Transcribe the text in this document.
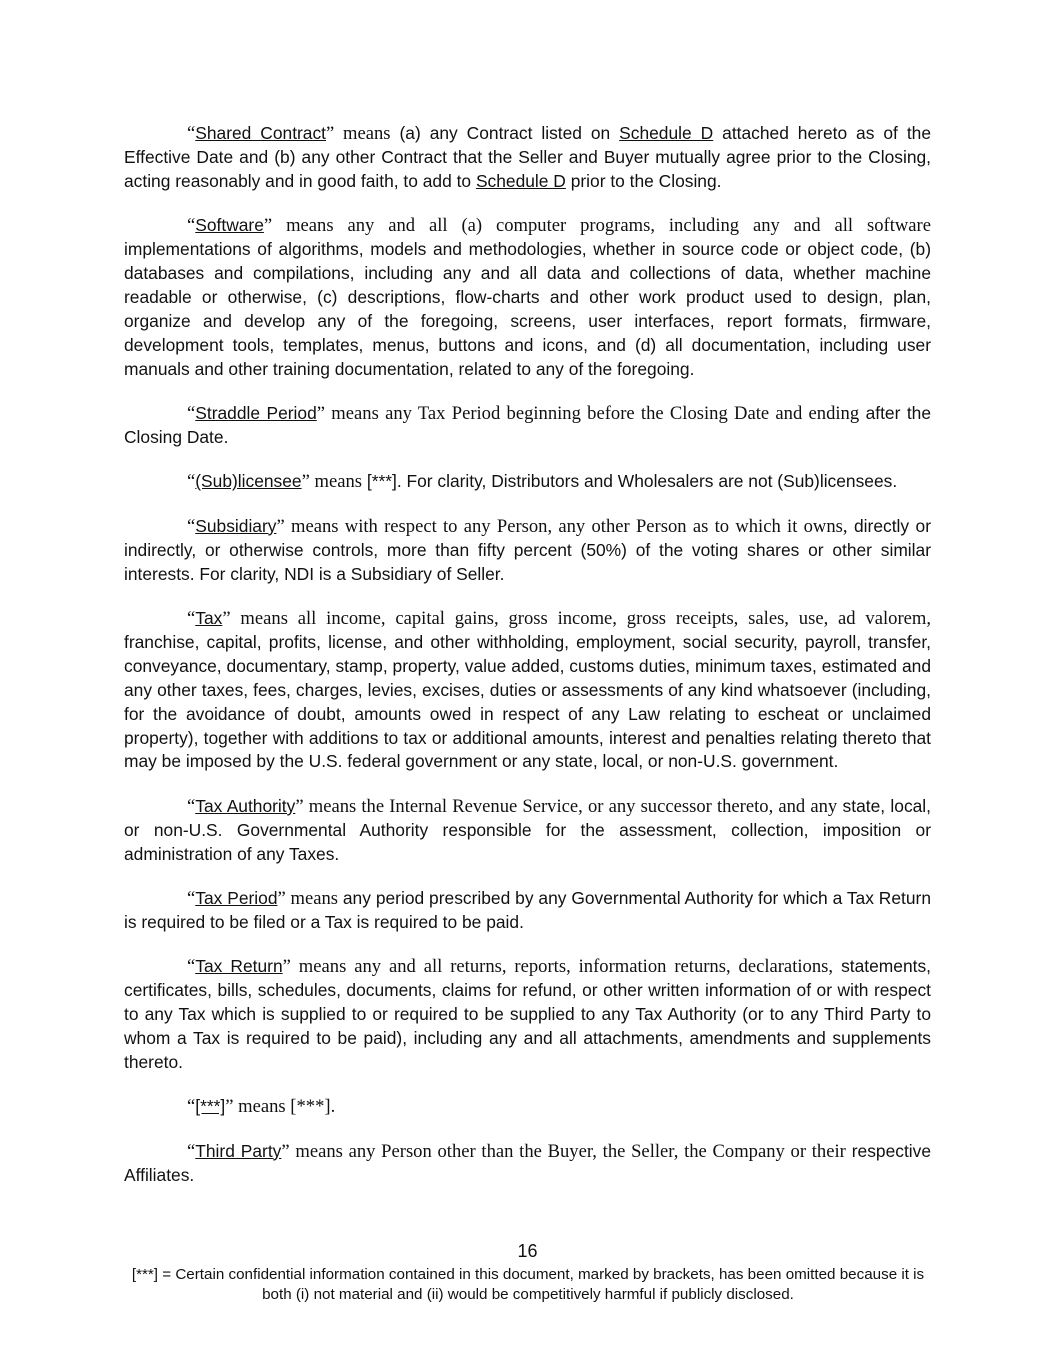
“Shared Contract” means (a) any Contract listed on Schedule D attached hereto as of the Effective Date and (b) any other Contract that the Seller and Buyer mutually agree prior to the Closing, acting reasonably and in good faith, to add to Schedule D prior to the Closing.

“Software” means any and all (a) computer programs, including any and all software implementations of algorithms, models and methodologies, whether in source code or object code, (b) databases and compilations, including any and all data and collections of data, whether machine readable or otherwise, (c) descriptions, flow-charts and other work product used to design, plan, organize and develop any of the foregoing, screens, user interfaces, report formats, firmware, development tools, templates, menus, buttons and icons, and (d) all documentation, including user manuals and other training documentation, related to any of the foregoing.

“Straddle Period” means any Tax Period beginning before the Closing Date and ending after the Closing Date.

“(Sub)licensee” means [***]. For clarity, Distributors and Wholesalers are not (Sub)licensees.

“Subsidiary” means with respect to any Person, any other Person as to which it owns, directly or indirectly, or otherwise controls, more than fifty percent (50%) of the voting shares or other similar interests. For clarity, NDI is a Subsidiary of Seller.

“Tax” means all income, capital gains, gross income, gross receipts, sales, use, ad valorem, franchise, capital, profits, license, and other withholding, employment, social security, payroll, transfer, conveyance, documentary, stamp, property, value added, customs duties, minimum taxes, estimated and any other taxes, fees, charges, levies, excises, duties or assessments of any kind whatsoever (including, for the avoidance of doubt, amounts owed in respect of any Law relating to escheat or unclaimed property), together with additions to tax or additional amounts, interest and penalties relating thereto that may be imposed by the U.S. federal government or any state, local, or non-U.S. government.

“Tax Authority” means the Internal Revenue Service, or any successor thereto, and any state, local, or non-U.S. Governmental Authority responsible for the assessment, collection, imposition or administration of any Taxes.

“Tax Period” means any period prescribed by any Governmental Authority for which a Tax Return is required to be filed or a Tax is required to be paid.

“Tax Return” means any and all returns, reports, information returns, declarations, statements, certificates, bills, schedules, documents, claims for refund, or other written information of or with respect to any Tax which is supplied to or required to be supplied to any Tax Authority (or to any Third Party to whom a Tax is required to be paid), including any and all attachments, amendments and supplements thereto.

“[***]” means [***].

“Third Party” means any Person other than the Buyer, the Seller, the Company or their respective Affiliates.

16
[***] = Certain confidential information contained in this document, marked by brackets, has been omitted because it is both (i) not material and (ii) would be competitively harmful if publicly disclosed.
